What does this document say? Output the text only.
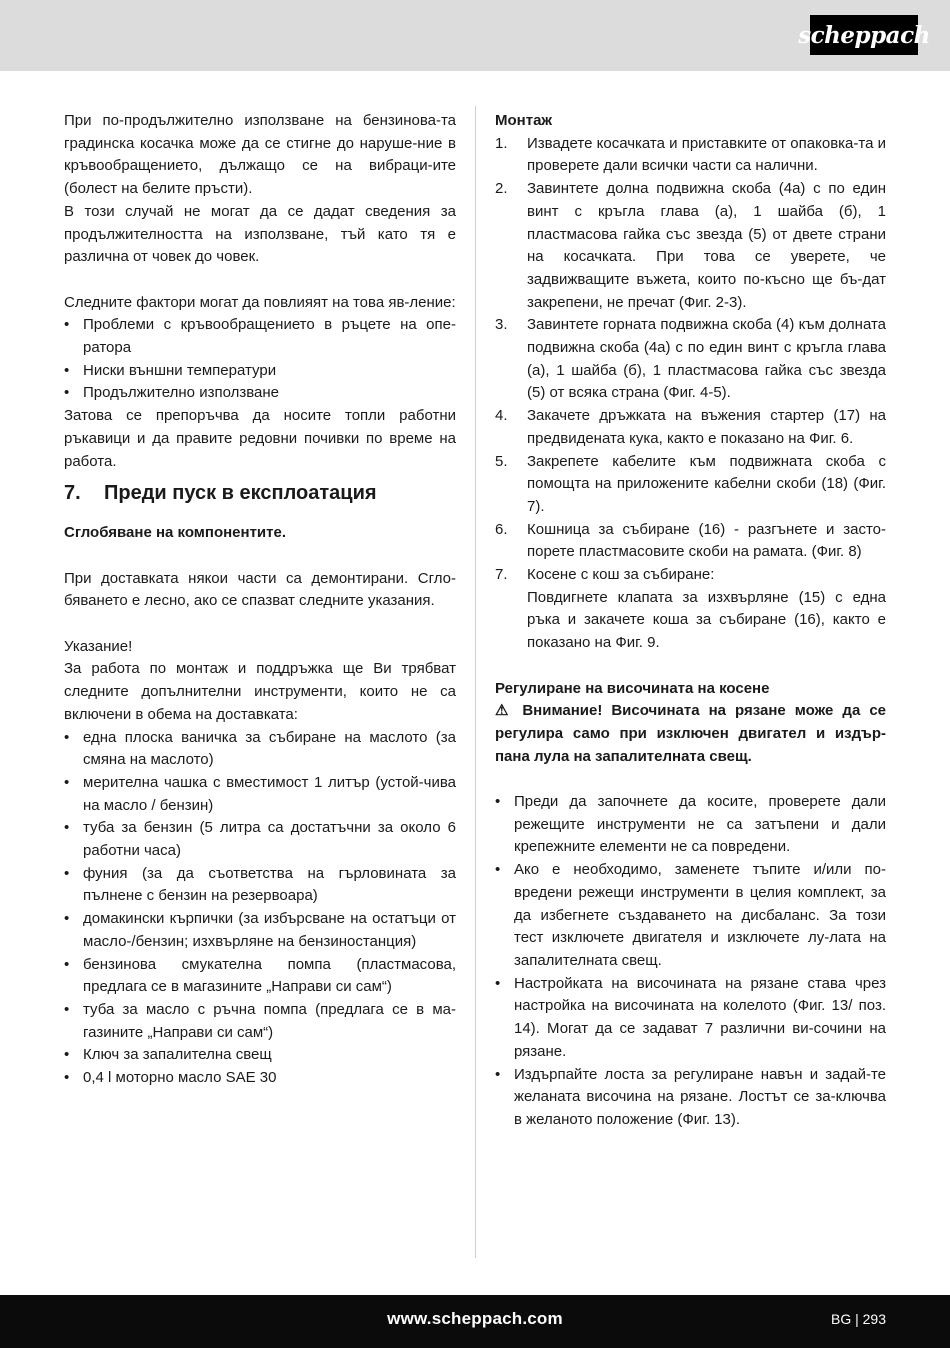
scheppach

При по-продължително използване на бензинова-та градинска косачка може да се стигне до наруше-ние в кръвообращението, дължащо се на вибраци-ите (болест на белите пръсти).

В този случай не могат да се дадат сведения за продължителността на използване, тъй като тя е различна от човек до човек.

Следните фактори могат да повлияят на това яв-ление:

• Проблеми с кръвообращението в ръцете на опе-ратора
• Ниски външни температури
• Продължително използване

Затова се препоръчва да носите топли работни ръкавици и да правите редовни почивки по време на работа.

7.	Преди пуск в експлоатация

Сглобяване на компонентите.

При доставката някои части са демонтирани. Сгло-бяването е лесно, ако се спазват следните указания.

Указание!

За работа по монтаж и поддръжка ще Ви трябват следните допълнителни инструменти, които не са включени в обема на доставката:

• една плоска ваничка за събиране на маслото (за смяна на маслото)
• мерителна чашка с вместимост 1 литър (устой-чива на масло / бензин)
• туба за бензин (5 литра са достатъчни за около 6 работни часа)
• фуния (за да съответства на гърловината за пълнене с бензин на резервоара)
• домакински кърпички (за избърсване на остатъци от масло-/бензин; изхвърляне на бензиностанция)
• бензинова смукателна помпа (пластмасова, предлага се в магазините „Направи си сам“)
• туба за масло с ръчна помпа (предлага се в ма-газините „Направи си сам“)
• Ключ за запалителна свещ
• 0,4 l моторно масло SAE 30

Монтаж

1. Извадете косачката и приставките от опаковка-та и проверете дали всички части са налични.
2. Завинтете долна подвижна скоба (4а) с по един винт с кръгла глава (а), 1 шайба (б), 1 пластмасова гайка със звезда (5) от двете страни на косачката. При това се уверете, че задвижващите въжета, които по-късно ще бъ-дат закрепени, не пречат (Фиг. 2-3).
3. Завинтете горната подвижна скоба (4) към долната подвижна скоба (4а) с по един винт с кръгла глава (а), 1 шайба (б), 1 пластмасова гайка със звезда (5) от всяка страна (Фиг. 4-5).
4. Закачете дръжката на въжения стартер (17) на предвидената кука, както е показано на Фиг. 6.
5. Закрепете кабелите към подвижната скоба с помощта на приложените кабелни скоби (18) (Фиг. 7).
6. Кошница за събиране (16) - разгънете и засто-порете пластмасовите скоби на рамата. (Фиг. 8)
7. Косене с кош за събиране:
Повдигнете клапата за изхвърляне (15) с една ръка и закачете коша за събиране (16), както е показано на Фиг. 9.

Регулиране на височината на косене

⚠ Внимание! Височината на рязане може да се регулира само при изключен двигател и издър-пана лула на запалителната свещ.

• Преди да започнете да косите, проверете дали режещите инструменти не са затъпени и дали крепежните елементи не са повредени.
• Ако е необходимо, заменете тъпите и/или по-вредени режещи инструменти в целия комплект, за да избегнете създаването на дисбаланс. За този тест изключете двигателя и изключете лу-лата на запалителната свещ.
• Настройката на височината на рязане става чрез настройка на височината на колелото (Фиг. 13/ поз. 14). Могат да се задават 7 различни ви-сочини на рязане.
• Издърпайте лоста за регулиране навън и задай-те желаната височина на рязане. Лостът се за-ключва в желаното положение (Фиг. 13).
www.scheppach.com	BG | 293
